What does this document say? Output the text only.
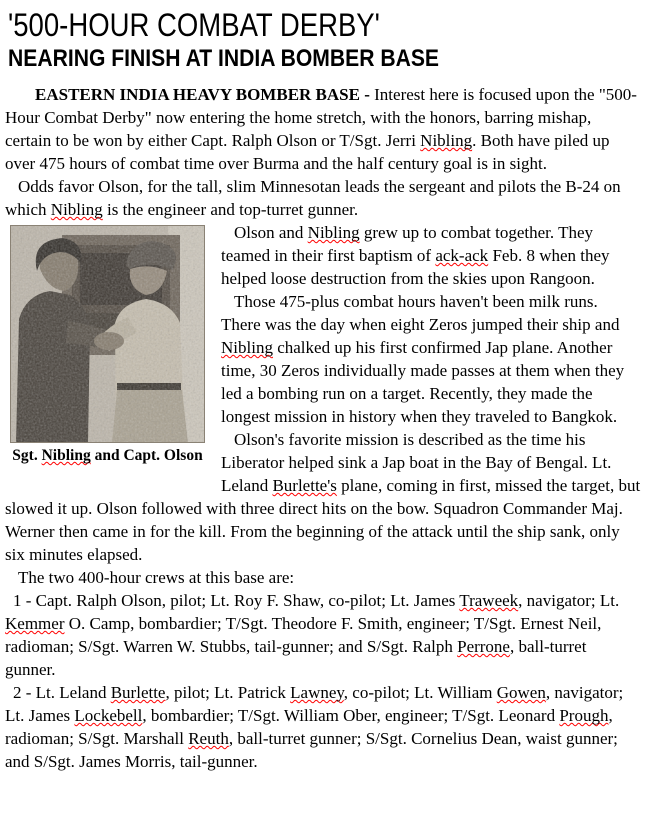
'500-HOUR COMBAT DERBY'
NEARING FINISH AT INDIA BOMBER BASE

EASTERN INDIA HEAVY BOMBER BASE - Interest here is focused upon the "500-Hour Combat Derby" now entering the home stretch, with the honors, barring mishap, certain to be won by either Capt. Ralph Olson or T/Sgt. Jerri Nibling. Both have piled up over 475 hours of combat time over Burma and the half century goal is in sight.

Odds favor Olson, for the tall, slim Minnesotan leads the sergeant and pilots the B-24 on which Nibling is the engineer and top-turret gunner.

Sgt. Nibling and Capt. Olson

Olson and Nibling grew up to combat together. They teamed in their first baptism of ack-ack Feb. 8 when they helped loose destruction from the skies upon Rangoon.

Those 475-plus combat hours haven't been milk runs. There was the day when eight Zeros jumped their ship and Nibling chalked up his first confirmed Jap plane. Another time, 30 Zeros individually made passes at them when they led a bombing run on a target. Recently, they made the longest mission in history when they traveled to Bangkok.

Olson's favorite mission is described as the time his Liberator helped sink a Jap boat in the Bay of Bengal. Lt. Leland Burlette's plane, coming in first, missed the target, but slowed it up. Olson followed with three direct hits on the bow. Squadron Commander Maj. Werner then came in for the kill. From the beginning of the attack until the ship sank, only six minutes elapsed.

The two 400-hour crews at this base are:

1 - Capt. Ralph Olson, pilot; Lt. Roy F. Shaw, co-pilot; Lt. James Traweek, navigator; Lt. Kemmer O. Camp, bombardier; T/Sgt. Theodore F. Smith, engineer; T/Sgt. Ernest Neil, radioman; S/Sgt. Warren W. Stubbs, tail-gunner; and S/Sgt. Ralph Perrone, ball-turret gunner.

2 - Lt. Leland Burlette, pilot; Lt. Patrick Lawney, co-pilot; Lt. William Gowen, navigator; Lt. James Lockebell, bombardier; T/Sgt. William Ober, engineer; T/Sgt. Leonard Prough, radioman; S/Sgt. Marshall Reuth, ball-turret gunner; S/Sgt. Cornelius Dean, waist gunner; and S/Sgt. James Morris, tail-gunner.
